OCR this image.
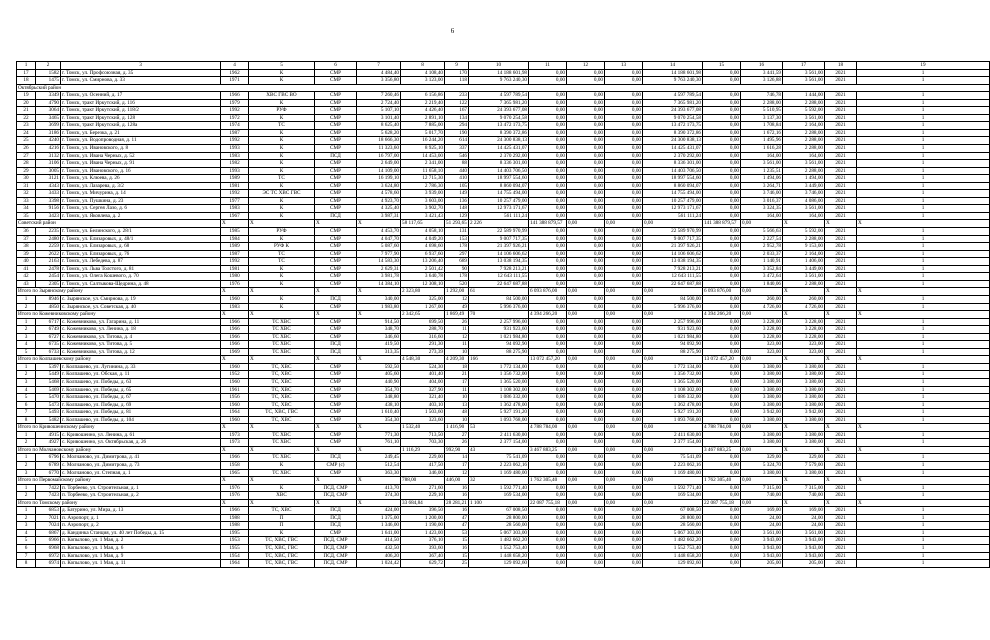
6
1	2	3	4	5	6	7	8	9	10	11	12	13	14	15	16	17	18	19	
17	1582	г. Томск, ул. Профсоюзная, д. 35	1962	К	СМР	4 484,40	4 108,40	170	14 188 601,98	0,00	0,00	0,00	14 188 601,98	0,00	3 441,59	3 561,00	2021	1	
18	1475	г. Томск, ул. Смирнова, д. 33	1971	К	СМР	3 356,80	3 123,00	118	9 763 240,30	0,00	0,00	0,00	9 763 240,30	0,00	3 126,88	3 561,00	2021	1	
Октябрьский район																			
19	3349	г. Томск, ул. Осенний, д. 17	1966	ХВС ГВС ВО	СМР	7 260,46	6 156,86	233	4 597 789,54	0,00	0,00	0,00	4 597 789,54	0,00	746,78	1 444,00	2021	1	
20	4790	г. Томск, тракт Иркутский, д. 116	1979	К	СМР	2 724,40	2 219,40	122	7 365 981,20	0,00	0,00	0,00	7 365 981,20	0,00	2 288,00	2 288,00	2021	1	
21	3064	г. Томск, тракт Иркутский, д. 118/2	1992	РУФ	СМР	5 107,10	4 426,40	167	24 393 677,08	0,00	0,00	0,00	24 393 677,08	0,00	5 510,95	5 592,00	2021	1	
22	3465	г. Томск, тракт Иркутский, д. 128	1972	К	СМР	3 101,40	2 891,10	134	9 070 254,58	0,00	0,00	0,00	9 070 254,58	0,00	3 137,30	3 561,00	2021	1	
23	3699	г. Томск, тракт Иркутский, д. 128а	1974	ТС	СМР	8 625,40	7 885,00	294	13 472 173,75	0,00	0,00	0,00	13 472 173,75	0,00	1 708,84	2 164,00	2021	1	
24	3186	г. Томск, ул. Березка, д. 21	1987	К	СМР	5 628,20	5 017,70	190	8 390 372,86	0,00	0,00	0,00	8 390 372,86	0,00	1 672,16	2 288,00	2021	1	
25	4240	г. Томск, ул. Водопроводная, д. 11	1992	К	СМР	18 666,30	16 244,20	614	24 300 838,13	0,00	0,00	0,00	24 300 838,13	0,00	1 495,96	2 288,00	2021	1	
26	4216	г. Томск, ул. Ивановского, д. 8	1993	К	СМР	11 323,60	8 925,10	337	14 425 431,07	0,00	0,00	0,00	14 425 431,07	0,00	1 616,28	2 288,00	2021	1	
27	3132	г. Томск, ул. Ивана Черных, д. 52	1983	К	ПСД	16 797,00	14 453,00	546	2 370 292,00	0,00	0,00	0,00	2 370 292,00	0,00	164,00	164,00	2021	1	
28	3106	г. Томск, ул. Ивана Черных, д. 91	1982	К	СМР	2 649,00	2 341,00	88	8 336 301,00	0,00	0,00	0,00	8 336 301,00	0,00	3 561,00	3 561,00	2021	1	
29	3005	г. Томск, ул. Ивановского, д. 16	1993	К	СМР	14 109,00	11 658,10	440	14 403 706,50	0,00	0,00	0,00	14 403 706,50	0,00	1 235,51	2 288,00	2021	1	
30	3121	г. Томск, ул. Клюева, д. 26	1989	ТС	СМР	16 199,10	12 715,30	410	18 997 554,60	0,00	0,00	0,00	18 997 554,60	0,00	1 494,06	1 494,00	2021	1	
31	4343	г. Томск, ул. Лазарева, д. 3/2	1981	К	СМР	3 624,80	2 786,30	105	8 860 094,07	0,00	0,00	0,00	8 860 094,07	0,00	3 264,71	3 449,00	2021	1	
32	3433	г. Томск, ул. Мичурина, д. 14	1992	ЭС ТС ХВС ГВС	СМР	4 578,60	3 939,00	149	14 755 494,00	0,00	0,00	0,00	14 755 494,00	0,00	3 746,00	3 746,00	2021	1	
33	3398	г. Томск, ул. Пушкина, д. 23	1977	К	СМР	4 923,70	3 603,00	136	10 257 479,00	0,00	0,00	0,00	10 257 479,00	0,00	3 016,37	4 086,00	2021	1	
34	9156	г. Томск, ул. Сергея Лазо, д. 6	1983	К	СМР	4 325,40	3 902,70	148	12 973 171,67	0,00	0,00	0,00	12 973 171,67	0,00	3 324,35	3 561,00	2021	1	
35	3423	г. Томск, ул. Яковлева, д. 2	1967	К	ПСД	3 987,31	3 421,43	129	561 111,24	0,00	0,00	0,00	561 111,24	0,00	164,00	164,00	2021	1	
Советский район			X	X	X	X	58 117,65	51 293,65	2 226	141 388 879,57	0,00	0,00	0,00	141 388 879,57	0,00	X	X	X	
36	2235	г. Томск, ул. Белинского, д. 28/1	1985	РУФ	СМР	4 453,70	4 058,10	131	22 589 970,99	0,00	0,00	0,00	22 589 970,99	0,00	5 566,63	5 592,00	2021	1	
37	2480	г. Томск, ул. Елизаровых, д. 48/1	1984	К	СМР	4 047,70	4 049,20	153	9 007 717,35	0,00	0,00	0,00	9 007 717,35	0,00	2 227,54	2 288,00	2021	1	
38	2259	г. Томск, ул. Елизаровых, д. 68	1989	РУФ К	СМР	5 087,60	4 698,60	178	21 397 926,21	0,00	0,00	0,00	21 397 926,21	0,00	2 952,78	9 153,00	2021	1	
39	2622	г. Томск, ул. Елизаровых, д. 76	1987	ТС	СМР	7 977,90	6 937,60	297	14 106 606,62	0,00	0,00	0,00	14 106 606,62	0,00	2 033,37	2 164,00	2021	1	
40	2163	г. Томск, ул. Лебедева, д. 87	1992	ТС	СМР	14 583,30	13 206,40	689	13 038 194,35	0,00	0,00	0,00	13 038 194,35	0,00	1 140,91	1 406,00	2021	1	
41	2478	г. Томск, ул. Льва Толстого, д. 81	1981	К	СМР	2 629,31	2 501,42	90	7 928 213,21	0,00	0,00	0,00	7 928 213,21	0,00	3 352,84	3 449,00	2021	1	
42	2454	г. Томск, ул. Олега Кошевого, д. 70	1980	К	СМР	3 981,78	3 640,78	178	12 643 111,55	0,00	0,00	0,00	12 643 111,55	0,00	3 472,64	3 561,00	2021	1	
43	2305	г. Томск, ул. Салтыкова-Щедрина, д. 48	1976	К	СМР	14 384,10	12 308,10	520	22 647 687,88	0,00	0,00	0,00	22 647 687,88	0,00	1 840,06	2 288,00	2021	1	
Итого по Зырянскому району			X	X	X	X	2 323,80	1 292,00	61	6 093 876,00	0,00	0,00	0,00	6 093 876,00	0,00	X	X	X	
1	8946	с. Зырянское, ул. Смирнова, д. 19	1960	К	ПСД	340,00	325,00	12	84 500,00	0,00	0,00	0,00	84 500,00	0,00	260,00	260,00	2021	1	
2	4850	с. Зырянское, ул. Советская, д. 40	1983	К	СМР	1 983,80	1 267,00	49	5 996 376,00	0,00	0,00	0,00	5 996 376,00	0,00	4 726,00	4 726,00	2021	1	
Итого по Кожевниковскому району			X	X	X	X	2 342,65	1 869,49	70	4 394 266,20	0,00	0,00	0,00	4 394 266,20	0,00	X	X	X	
1	6717	с. Кожевниково, ул. Гагарина, д. 11	1966	ТС ХВС	СМР	914,50	699,50	26	2 257 996,00	0,00	0,00	0,00	2 257 996,00	0,00	3 228,00	3 228,00	2021	1	
2	6749	с. Кожевниково, ул. Ленина, д. 18	1966	ТС ХВС	СМР	348,70	288,70	11	931 923,60	0,00	0,00	0,00	931 923,60	0,00	3 228,00	3 228,00	2021	1	
3	6727	с. Кожевниково, ул. Титова, д. 4	1966	ТС ХВС	СМР	346,60	316,60	12	1 021 984,80	0,00	0,00	0,00	1 021 984,80	0,00	3 228,00	3 228,00	2021	1	
4	6735	с. Кожевниково, ул. Титова, д. 5	1966	ТС ХВС	ПСД	419,50	291,30	11	94 092,90	0,00	0,00	0,00	94 092,90	0,00	323,00	323,00	2021	1	
5	6733	с. Кожевниково, ул. Титова, д. 12	1969	ТС ХВС	ПСД	313,35	273,39	10	88 275,90	0,00	0,00	0,00	88 275,90	0,00	323,00	323,00	2021	1	
Итого по Колпашевскому району			X	X	X	X	4 548,30	4 209,30	166	13 072 457,20	0,00	0,00	0,00	13 072 457,20	0,00	X	X	X	
1	5397	г. Колпашево, ул. Лугинина, д. 33	1960	ТС, ХВС	СМР	592,50	524,30	18	1 772 134,00	0,00	0,00	0,00	1 772 134,00	0,00	3 380,00	3 380,00	2021	1	
2	5449	г. Колпашево, ул. Обская, д. 11	1952	ТС, ХВС	СМР	405,60	401,40	21	1 356 732,00	0,00	0,00	0,00	1 356 732,00	0,00	3 380,00	3 380,00	2021	1	
3	5468	г. Колпашево, ул. Победы, д. 63	1960	ТС, ХВС	СМР	440,90	404,00	17	1 365 520,00	0,00	0,00	0,00	1 365 520,00	0,00	3 380,00	3 380,00	2021	1	
4	5469	г. Колпашево, ул. Победы, д. 65	1961	ТС, ХВС	СМР	354,70	327,90	11	1 108 302,00	0,00	0,00	0,00	1 108 302,00	0,00	3 380,00	3 380,00	2021	1	
5	5470	г. Колпашево, ул. Победы, д. 67	1956	ТС, ХВС	СМР	348,80	321,40	10	1 086 332,00	0,00	0,00	0,00	1 086 332,00	0,00	3 380,00	3 380,00	2021	1	
6	5473	г. Колпашево, ул. Победы, д. 69	1960	ТС, ХВС	СМР	438,10	403,10	13	1 362 478,00	0,00	0,00	0,00	1 362 478,00	0,00	3 380,00	3 380,00	2021	1	
7	5493	г. Колпашево, ул. Победы, д. 81	1964	ТС, ХВС, ГВС	СМР	1 610,40	1 503,60	48	5 927 191,20	0,00	0,00	0,00	5 927 191,20	0,00	3 942,00	3 942,00	2021	1	
8	5482	г. Колпашево, ул. Победы, д. 104	1960	ТС, ХВС	СМР	354,30	323,60	10	1 093 768,00	0,00	0,00	0,00	1 093 768,00	0,00	3 380,00	3 380,00	2021	1	
Итого по Кривошеинскому району			X	X	X	X	1 532,40	1 416,90	53	4 788 784,00	0,00	0,00	0,00	4 788 784,00	0,00	X	X	X	
1	4915	с. Кривошеино, ул. Ленина, д. 61	1973	ТС ХВС	СМР	771,30	713,50	27	2 411 630,00	0,00	0,00	0,00	2 411 630,00	0,00	3 380,00	3 380,00	2021	1	
2	4927	с. Кривошеино, ул. Октябрьская, д. 26	1973	ТС ХВС	СМР	761,10	703,30	26	2 377 154,00	0,00	0,00	0,00	2 377 154,00	0,00	3 380,00	3 380,00	2021	1	
Итого по Молчановскому району			X	X	X	X	1 116,29	992,90	43	3 467 883,25	0,00	0,00	0,00	3 467 883,25	0,00	X	X	X	
1	6796	с. Молчаново, ул. Димитрова, д. 41	1966	ТС ХВС	ПСД	249,45	229,00	14	75 541,09	0,00	0,00	0,00	75 541,09	0,00	329,00	329,00	2021	1	
2	6789	с. Молчаново, ул. Димитрова, д. 73	1958	К	СМР (с)	512,54	417,50	17	2 223 062,16	0,00	0,00	0,00	2 223 062,16	0,00	5 324,70	7 579,00	2021	1	
3	6770	с. Молчаново, ул. Степная, д. 1	1965	ТС ХВС	СМР	363,30	346,00	12	1 169 480,00	0,00	0,00	0,00	1 169 480,00	0,00	3 380,00	3 380,00	2021	1	
Итого по Первомайскому району			X	X	X	X	788,00	446,00	32	1 762 305,40	0,00	0,00	0,00	1 762 305,40	0,00	X	X	X	
1	7422	п. Торбеево, ул. Строительная, д. 1	1976	К	ПСД, СМР	413,70	271,60	16	1 592 771,40	0,00	0,00	0,00	1 592 771,40	0,00	7 315,00	7 315,00	2021	1	
2	7423	п. Торбеево, ул. Строительная, д. 2	1976	ХВС	ПСД, СМР	374,30	229,10	16	169 534,00	0,00	0,00	0,00	169 534,00	0,00	740,00	740,00	2021	1	
Итого по Томскому району			X	X	X	X	33 684,84	28 281,21	1 100	22 087 755,18	0,00	0,00	0,00	22 087 755,18	0,00	X	X	X	
1	6853	д. Батурино, ул. Мира, д. 13	1966	ТС, ХВС	ПСД	424,00	396,50	16	67 008,50	0,00	0,00	0,00	67 008,50	0,00	169,00	169,00	2021	1	
2	7021	п. Аэропорт, д. 1	1988	П	ПСД	1 375,00	1 200,00	47	28 800,00	0,00	0,00	0,00	28 800,00	0,00	24,00	24,00	2021	1	
3	7024	п. Аэропорт, д. 2	1988	П	ПСД	1 346,00	1 190,00	47	28 560,00	0,00	0,00	0,00	28 560,00	0,00	24,00	24,00	2021	1	
4	6867	д. Кандинка Станция, ул. 40 лет Победы, д. 15	1995	К	СМР	1 641,00	1 423,00	53	5 067 303,00	0,00	0,00	0,00	5 067 303,00	0,00	3 561,00	3 561,00	2021	1	
5	6966	п. Копылово, ул. 1 Мая, д. 2	1953	ТС, ХВС, ГВС	ПСД, СМР	414,50	376,10	15	1 482 662,20	0,00	0,00	0,00	1 482 662,20	0,00	3 943,00	3 943,00	2021	1	
6	6968	п. Копылово, ул. 1 Мая, д. 6	1955	ТС, ХВС, ГВС	ПСД, СМР	432,50	393,60	16	1 552 753,40	0,00	0,00	0,00	1 552 753,40	0,00	3 943,00	3 943,00	2021	1	
7	6972	п. Копылово, ул. 1 Мая, д. 9	1954	ТС, ХВС, ГВС	ПСД, СМР	406,20	367,40	15	1 448 658,20	0,00	0,00	0,00	1 448 658,20	0,00	3 943,00	3 943,00	2021	1	
8	6974	п. Копылово, ул. 1 Мая, д. 11	1964	ТС, ХВС, ГВС	ПСД, СМР	1 024,42	629,72	25	129 092,60	0,00	0,00	0,00	129 092,60	0,00	205,00	205,00	2021	1	
